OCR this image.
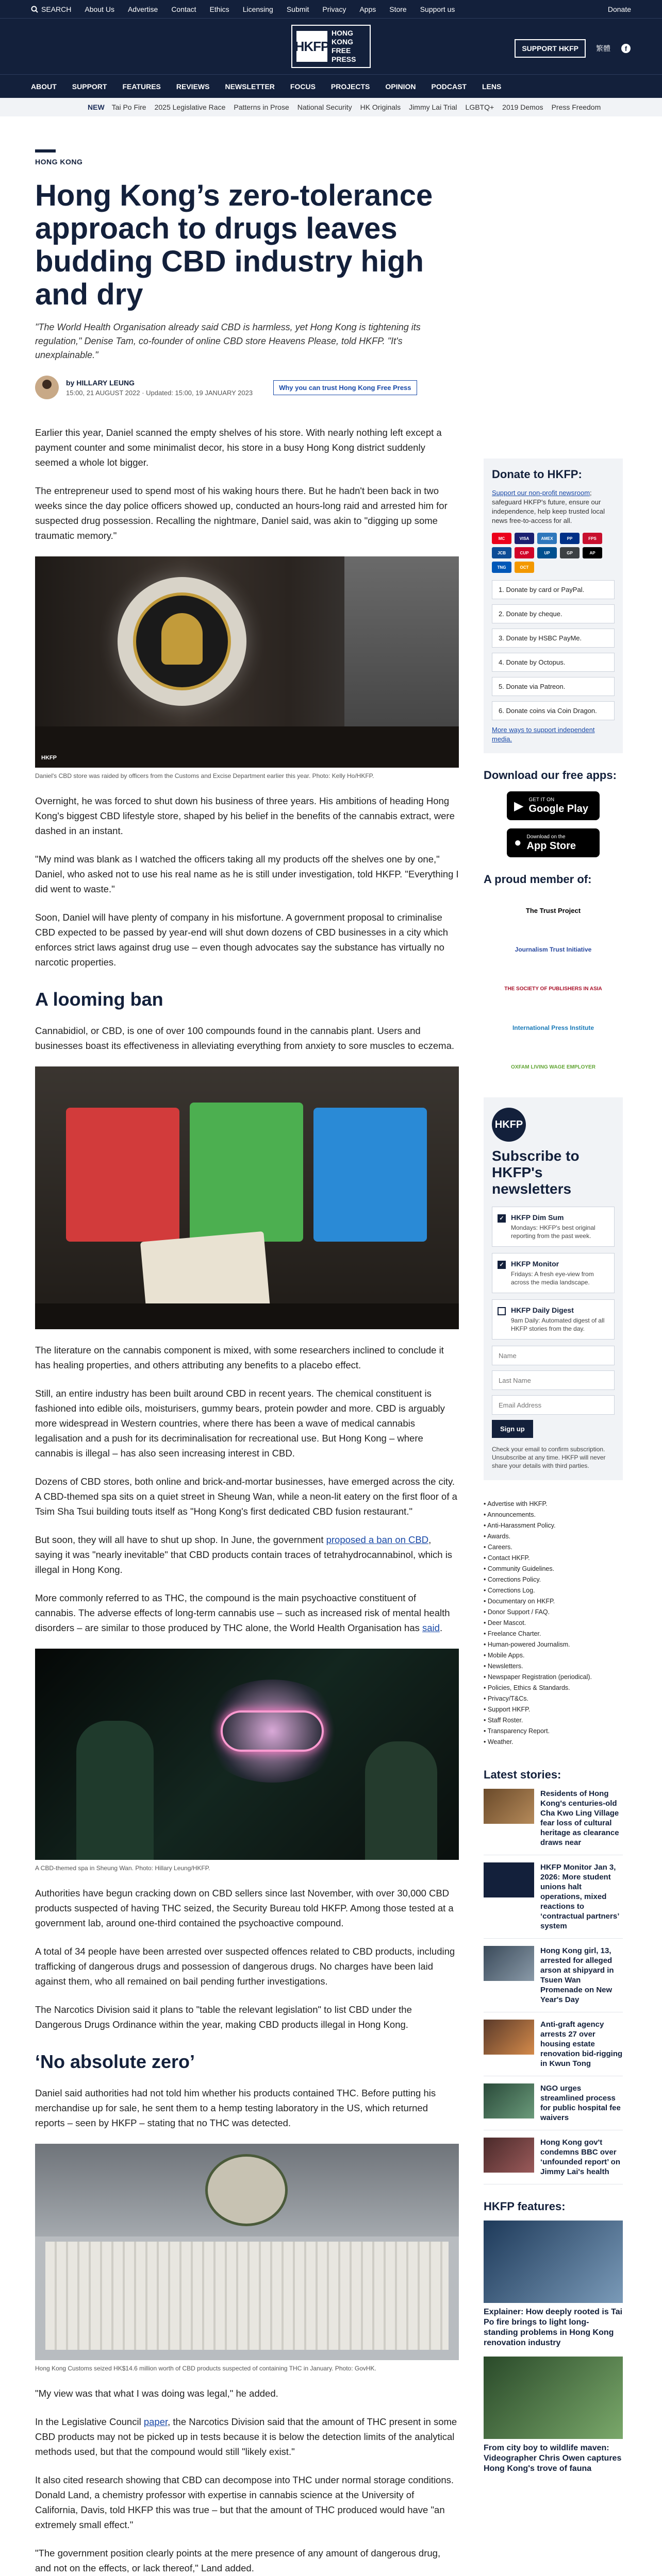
SEARCH About Us Advertise Contact Ethics Licensing Submit Privacy Apps Store Support us	Donate
HKFP
HONG KONG
FREE PRESS
SUPPORT HKFP	繁體 f
ABOUT SUPPORT FEATURES REVIEWS NEWSLETTER FOCUS PROJECTS OPINION PODCAST LENS
NEW Tai Po Fire 2025 Legislative Race Patterns in Prose National Security HK Originals Jimmy Lai Trial LGBTQ+ 2019 Demos Press Freedom
HONG KONG
Hong Kong’s zero-tolerance approach to drugs leaves budding CBD industry high and dry

"The World Health Organisation already said CBD is harmless, yet Hong Kong is tightening its regulation," Denise Tam, co-founder of online CBD store Heavens Please, told HKFP. "It's unexplainable."

by HILLARY LEUNG
15:00, 21 AUGUST 2022 · Updated: 15:00, 19 JANUARY 2023
Why you can trust Hong Kong Free Press

Earlier this year, Daniel scanned the empty shelves of his store. With nearly nothing left except a payment counter and some minimalist decor, his store in a busy Hong Kong district suddenly seemed a whole lot bigger.

The entrepreneur used to spend most of his waking hours there. But he hadn't been back in two weeks since the day police officers showed up, conducted an hours-long raid and arrested him for suspected drug possession. Recalling the nightmare, Daniel said, was akin to "digging up some traumatic memory."

HKFP
Daniel's CBD store was raided by officers from the Customs and Excise Department earlier this year. Photo: Kelly Ho/HKFP.

Overnight, he was forced to shut down his business of three years. His ambitions of heading Hong Kong's biggest CBD lifestyle store, shaped by his belief in the benefits of the cannabis extract, were dashed in an instant.

"My mind was blank as I watched the officers taking all my products off the shelves one by one," Daniel, who asked not to use his real name as he is still under investigation, told HKFP. "Everything I did went to waste."

Soon, Daniel will have plenty of company in his misfortune. A government proposal to criminalise CBD expected to be passed by year-end will shut down dozens of CBD businesses in a city which enforces strict laws against drug use – even though advocates say the substance has virtually no narcotic properties.

A looming ban

Cannabidiol, or CBD, is one of over 100 compounds found in the cannabis plant. Users and businesses boast its effectiveness in alleviating everything from anxiety to sore muscles to eczema.

The literature on the cannabis component is mixed, with some researchers inclined to conclude it has healing properties, and others attributing any benefits to a placebo effect.

Still, an entire industry has been built around CBD in recent years. The chemical constituent is fashioned into edible oils, moisturisers, gummy bears, protein powder and more. CBD is arguably more widespread in Western countries, where there has been a wave of medical cannabis legalisation and a push for its decriminalisation for recreational use. But Hong Kong – where cannabis is illegal – has also seen increasing interest in CBD.

Dozens of CBD stores, both online and brick-and-mortar businesses, have emerged across the city. A CBD-themed spa sits on a quiet street in Sheung Wan, while a neon-lit eatery on the first floor of a Tsim Sha Tsui building touts itself as "Hong Kong's first dedicated CBD fusion restaurant."

But soon, they will all have to shut up shop. In June, the government proposed a ban on CBD, saying it was "nearly inevitable" that CBD products contain traces of tetrahydrocannabinol, which is illegal in Hong Kong.

More commonly referred to as THC, the compound is the main psychoactive constituent of cannabis. The adverse effects of long-term cannabis use – such as increased risk of mental health disorders – are similar to those produced by THC alone, the World Health Organisation has said.

A CBD-themed spa in Sheung Wan. Photo: Hillary Leung/HKFP.

Authorities have begun cracking down on CBD sellers since last November, with over 30,000 CBD products suspected of having THC seized, the Security Bureau told HKFP. Among those tested at a government lab, around one-third contained the psychoactive compound.

A total of 34 people have been arrested over suspected offences related to CBD products, including trafficking of dangerous drugs and possession of dangerous drugs. No charges have been laid against them, who all remained on bail pending further investigations.

The Narcotics Division said it plans to "table the relevant legislation" to list CBD under the Dangerous Drugs Ordinance within the year, making CBD products illegal in Hong Kong.

‘No absolute zero’

Daniel said authorities had not told him whether his products contained THC. Before putting his merchandise up for sale, he sent them to a hemp testing laboratory in the US, which returned reports – seen by HKFP – stating that no THC was detected.

Hong Kong Customs seized HK$14.6 million worth of CBD products suspected of containing THC in January. Photo: GovHK.

"My view was that what I was doing was legal," he added.

In the Legislative Council paper, the Narcotics Division said that the amount of THC present in some CBD products may not be picked up in tests because it is below the detection limits of the analytical methods used, but that the compound would still "likely exist."

It also cited research showing that CBD can decompose into THC under normal storage conditions. Donald Land, a chemistry professor with expertise in cannabis science at the University of California, Davis, told HKFP this was true – but that the amount of THC produced would have "an extremely small effect."

"The government position clearly points at the mere presence of any amount of dangerous drug, and not on the effects, or lack thereof," Land added.

Donate to HKFP:

Support our non-profit newsroom; safeguard HKFP's future, ensure our independence, help keep trusted local news free-to-access for all.

MC	VISA	AMEX	PP	FPS
JCB	CUP	UP	GP	AP
TNG	OCT
1. Donate by card or PayPal.
2. Donate by cheque.
3. Donate by HSBC PayMe.
4. Donate by Octopus.
5. Donate via Patreon.
6. Donate coins via Coin Dragon.
More ways to support independent media.
Download our free apps:
▶ GET IT ON
Google Play
● Download on the
App Store
A proud member of:
The Trust Project
Journalism Trust Initiative
THE SOCIETY OF PUBLISHERS IN ASIA
International Press Institute
OXFAM LIVING WAGE EMPLOYER
HKFP
Subscribe to HKFP's newsletters
✓ HKFP Dim Sum
Mondays: HKFP's best original reporting from the past week.
✓ HKFP Monitor
Fridays: A fresh eye-view from across the media landscape.
HKFP Daily Digest
9am Daily: Automated digest of all HKFP stories from the day.
Name
Last Name
Email Address Sign up

Check your email to confirm subscription. Unsubscribe at any time. HKFP will never share your details with third parties.

• Advertise with HKFP.
• Announcements.
• Anti-Harassment Policy.
• Awards.
• Careers.
• Contact HKFP.
• Community Guidelines.
• Corrections Policy.
• Corrections Log.
• Documentary on HKFP.
• Donor Support / FAQ.
• Deer Mascot.
• Freelance Charter.
• Human-powered Journalism.
• Mobile Apps.
• Newsletters.
• Newspaper Registration (periodical).
• Policies, Ethics & Standards.
• Privacy/T&Cs.
• Support HKFP.
• Staff Roster.
• Transparency Report.
• Weather.
Latest stories:
Residents of Hong Kong's centuries-old Cha Kwo Ling Village fear loss of cultural heritage as clearance draws near
HKFP Monitor Jan 3, 2026: More student unions halt operations, mixed reactions to ‘contractual partners’ system
Hong Kong girl, 13, arrested for alleged arson at shipyard in Tsuen Wan Promenade on New Year's Day
Anti-graft agency arrests 27 over housing estate renovation bid-rigging in Kwun Tong
NGO urges streamlined process for public hospital fee waivers
Hong Kong gov't condemns BBC over ‘unfounded report’ on Jimmy Lai's health
HKFP features:
Explainer: How deeply rooted is Tai Po fire brings to light long-standing problems in Hong Kong renovation industry
From city boy to wildlife maven: Videographer Chris Owen captures Hong Kong's trove of fauna
